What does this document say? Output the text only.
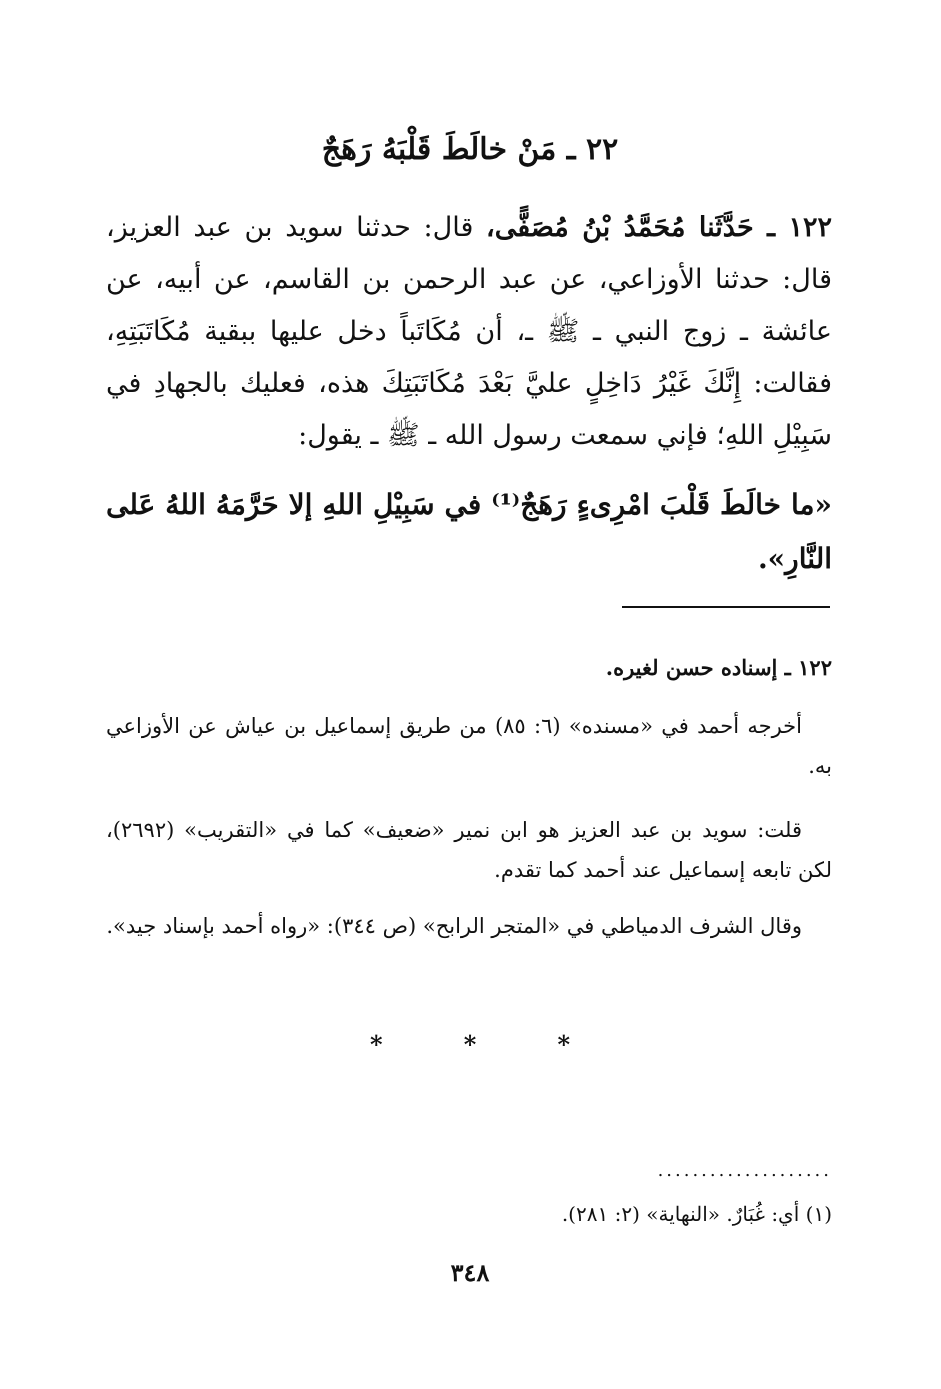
٢٢ ـ مَنْ خالَطَ قَلْبَهُ رَهَجٌ
١٢٢ ـ حَدَّثَنا مُحَمَّدُ بْنُ مُصَفًّى، قال: حدثنا سويد بن عبد العزيز، قال: حدثنا الأوزاعي، عن عبد الرحمن بن القاسم، عن أبيه، عن عائشة ـ زوج النبي ـ ﷺ ـ، أن مُكَاتَباً دخل عليها ببقية مُكَاتَبَتِهِ، فقالت: إِنَّكَ غَيْرُ دَاخِلٍ عليَّ بَعْدَ مُكَاتَبَتِكَ هذه، فعليك بالجهادِ في سَبِيْلِ اللهِ؛ فإني سمعت رسول الله ـ ﷺ ـ يقول:
«ما خالَطَ قَلْبَ امْرِىءٍ رَهَجٌ⁽¹⁾ في سَبِيْلِ اللهِ إلا حَرَّمَهُ اللهُ عَلى النَّارِ».
١٢٢ ـ إسناده حسن لغيره.

أخرجه أحمد في «مسنده» (٦: ٨٥) من طريق إسماعيل بن عياش عن الأوزاعي به.

قلت: سويد بن عبد العزيز هو ابن نمير «ضعيف» كما في «التقريب» (٢٦٩٢)، لكن تابعه إسماعيل عند أحمد كما تقدم.

وقال الشرف الدمياطي في «المتجر الرابح» (ص ٣٤٤): «رواه أحمد بإسناد جيد».

*	*	*
....................
(١) أي: غُبَارٌ. «النهاية» (٢: ٢٨١).
٣٤٨
